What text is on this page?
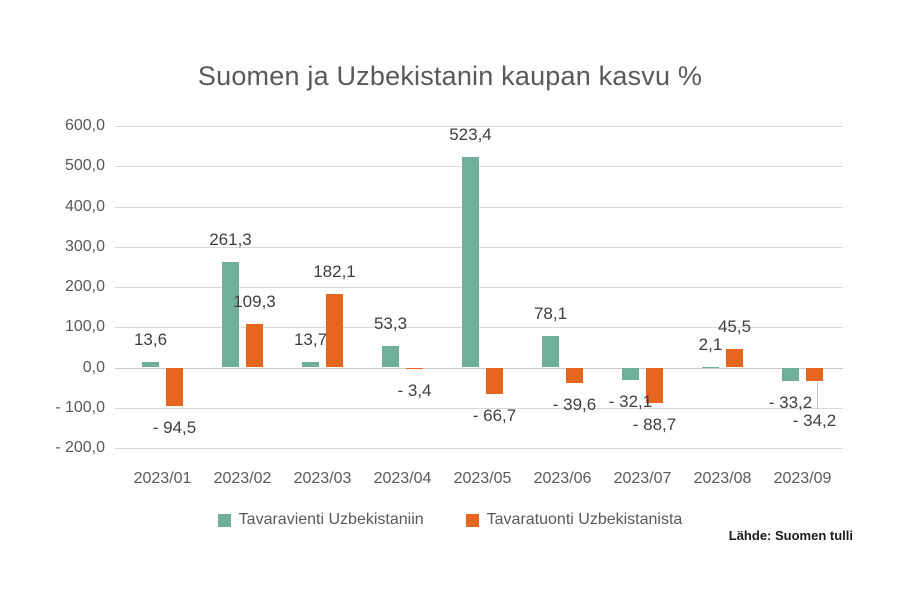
Suomen ja Uzbekistanin kaupan kasvu %
13,6
261,3
13,7
53,3
523,4
78,1
- 32,1
2,1
- 33,2
- 94,5
109,3
182,1
- 3,4
- 66,7
- 39,6
- 88,7
45,5
- 34,2
600,0
500,0
400,0
300,0
200,0
100,0
0,0
- 100,0
- 200,0
2023/01	2023/02	2023/03	2023/04	2023/05	2023/06	2023/07	2023/08	2023/09
Tavaravienti Uzbekistaniin	Tavaratuonti Uzbekistanista
Lähde: Suomen tulli
